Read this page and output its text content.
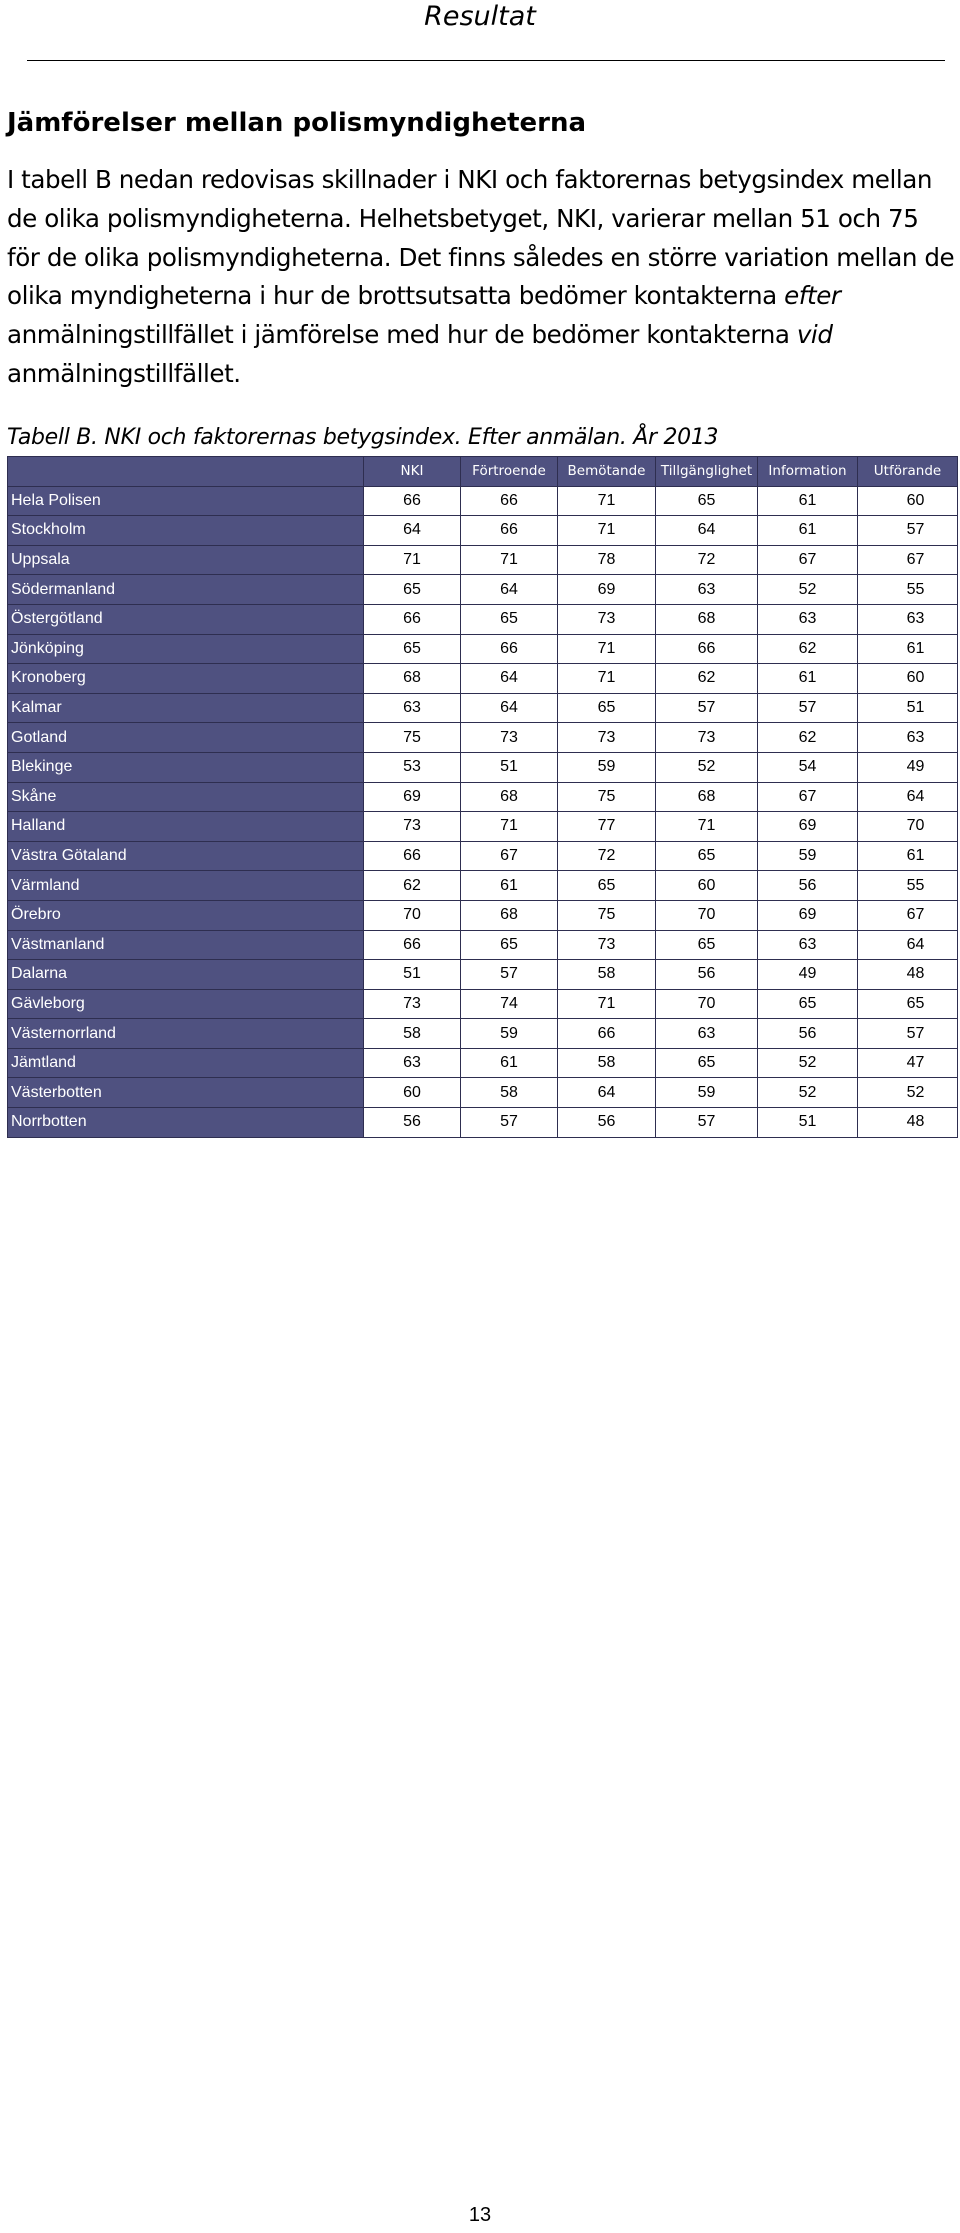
Resultat
Jämförelser mellan polismyndigheterna

I tabell B nedan redovisas skillnader i NKI och faktorernas betygsindex mellan de olika polismyndigheterna. Helhetsbetyget, NKI, varierar mellan 51 och 75 för de olika polismyndigheterna. Det finns således en större variation mellan de olika myndigheterna i hur de brottsutsatta bedömer kontakterna efter anmälningstillfället i jämförelse med hur de bedömer kontakterna vid anmälningstillfället.

Tabell B. NKI och faktorernas betygsindex. Efter anmälan. År 2013

	NKI	Förtroende	Bemötande	Tillgänglighet	Information	Utförande
Hela Polisen	66	66	71	65	61	60
Stockholm	64	66	71	64	61	57
Uppsala	71	71	78	72	67	67
Södermanland	65	64	69	63	52	55
Östergötland	66	65	73	68	63	63
Jönköping	65	66	71	66	62	61
Kronoberg	68	64	71	62	61	60
Kalmar	63	64	65	57	57	51
Gotland	75	73	73	73	62	63
Blekinge	53	51	59	52	54	49
Skåne	69	68	75	68	67	64
Halland	73	71	77	71	69	70
Västra Götaland	66	67	72	65	59	61
Värmland	62	61	65	60	56	55
Örebro	70	68	75	70	69	67
Västmanland	66	65	73	65	63	64
Dalarna	51	57	58	56	49	48
Gävleborg	73	74	71	70	65	65
Västernorrland	58	59	66	63	56	57
Jämtland	63	61	58	65	52	47
Västerbotten	60	58	64	59	52	52
Norrbotten	56	57	56	57	51	48
13
